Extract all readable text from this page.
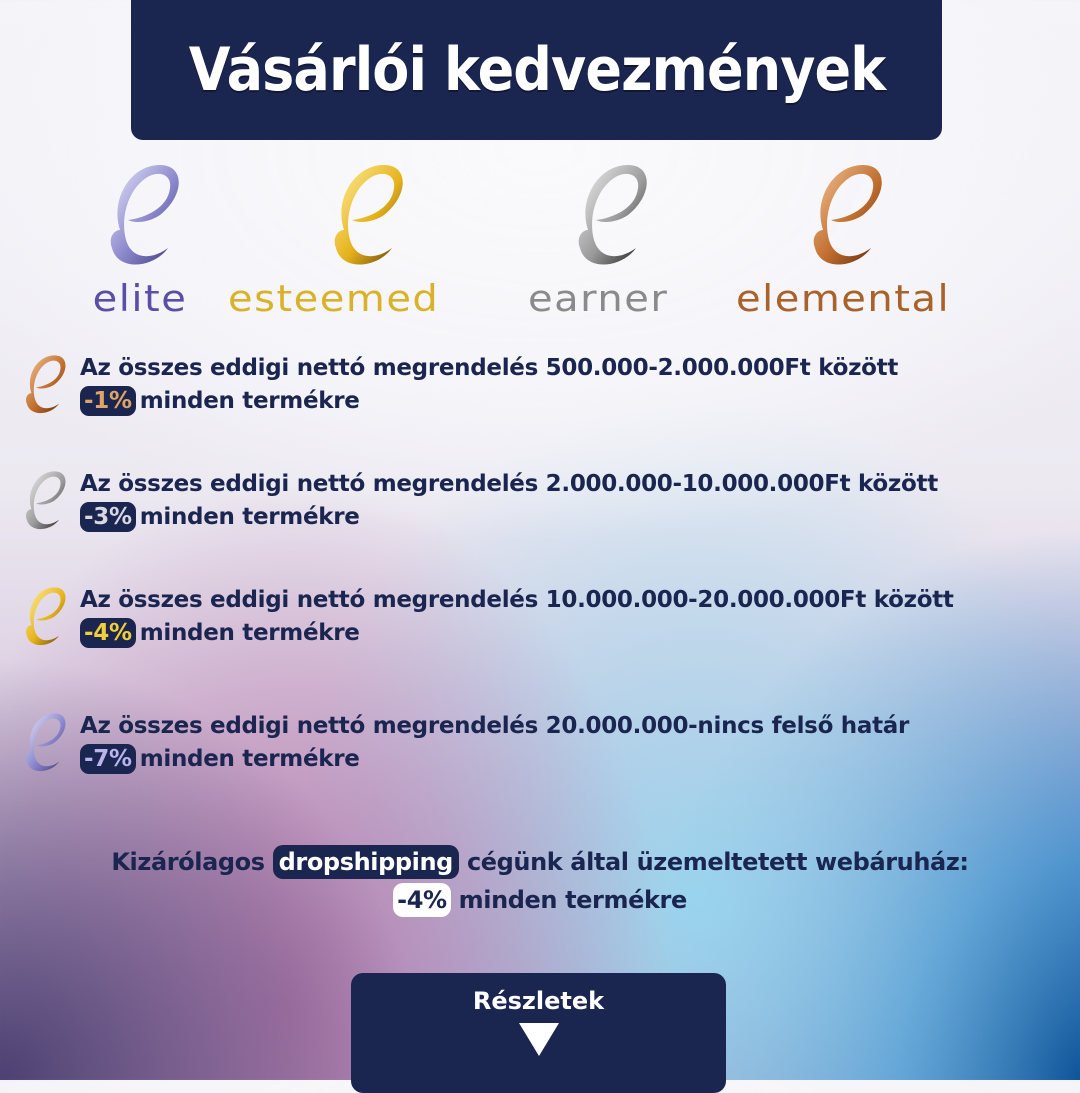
Vásárlói kedvezmények
elite esteemed earner elemental
Az összes eddigi nettó megrendelés 500.000-2.000.000Ft között
-1% minden termékre
Az összes eddigi nettó megrendelés 2.000.000-10.000.000Ft között
-3% minden termékre
Az összes eddigi nettó megrendelés 10.000.000-20.000.000Ft között
-4% minden termékre
Az összes eddigi nettó megrendelés 20.000.000-nincs felső határ
-7% minden termékre
Kizárólagos dropshipping cégünk által üzemeltetett webáruház:
-4% minden termékre
Részletek
